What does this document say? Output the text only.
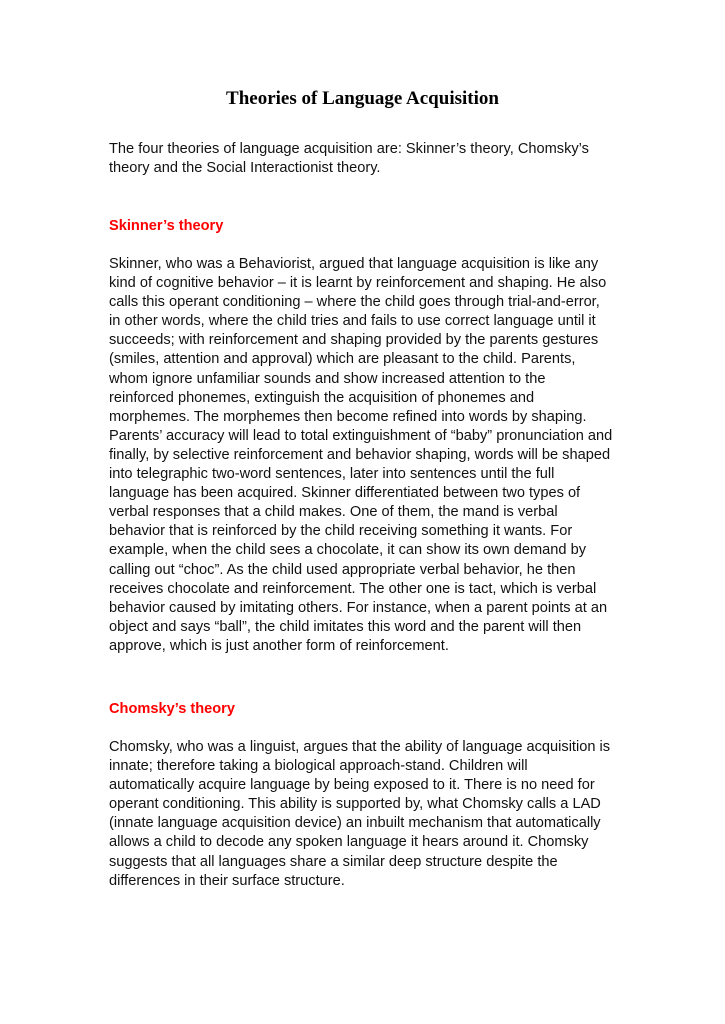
Theories of Language Acquisition

The four theories of language acquisition are: Skinner’s theory, Chomsky’s
theory and the Social Interactionist theory.

Skinner’s theory

Skinner, who was a Behaviorist, argued that language acquisition is like any
kind of cognitive behavior – it is learnt by reinforcement and shaping. He also
calls this operant conditioning – where the child goes through trial-and-error,
in other words, where the child tries and fails to use correct language until it
succeeds; with reinforcement and shaping provided by the parents gestures
(smiles, attention and approval) which are pleasant to the child. Parents,
whom ignore unfamiliar sounds and show increased attention to the
reinforced phonemes, extinguish the acquisition of phonemes and
morphemes. The morphemes then become refined into words by shaping.
Parents’ accuracy will lead to total extinguishment of “baby” pronunciation and
finally, by selective reinforcement and behavior shaping, words will be shaped
into telegraphic two-word sentences, later into sentences until the full
language has been acquired. Skinner differentiated between two types of
verbal responses that a child makes. One of them, the mand is verbal
behavior that is reinforced by the child receiving something it wants. For
example, when the child sees a chocolate, it can show its own demand by
calling out “choc”. As the child used appropriate verbal behavior, he then
receives chocolate and reinforcement. The other one is tact, which is verbal
behavior caused by imitating others. For instance, when a parent points at an
object and says “ball”, the child imitates this word and the parent will then
approve, which is just another form of reinforcement.

Chomsky’s theory

Chomsky, who was a linguist, argues that the ability of language acquisition is
innate; therefore taking a biological approach-stand. Children will
automatically acquire language by being exposed to it. There is no need for
operant conditioning. This ability is supported by, what Chomsky calls a LAD
(innate language acquisition device) an inbuilt mechanism that automatically
allows a child to decode any spoken language it hears around it. Chomsky
suggests that all languages share a similar deep structure despite the
differences in their surface structure.
